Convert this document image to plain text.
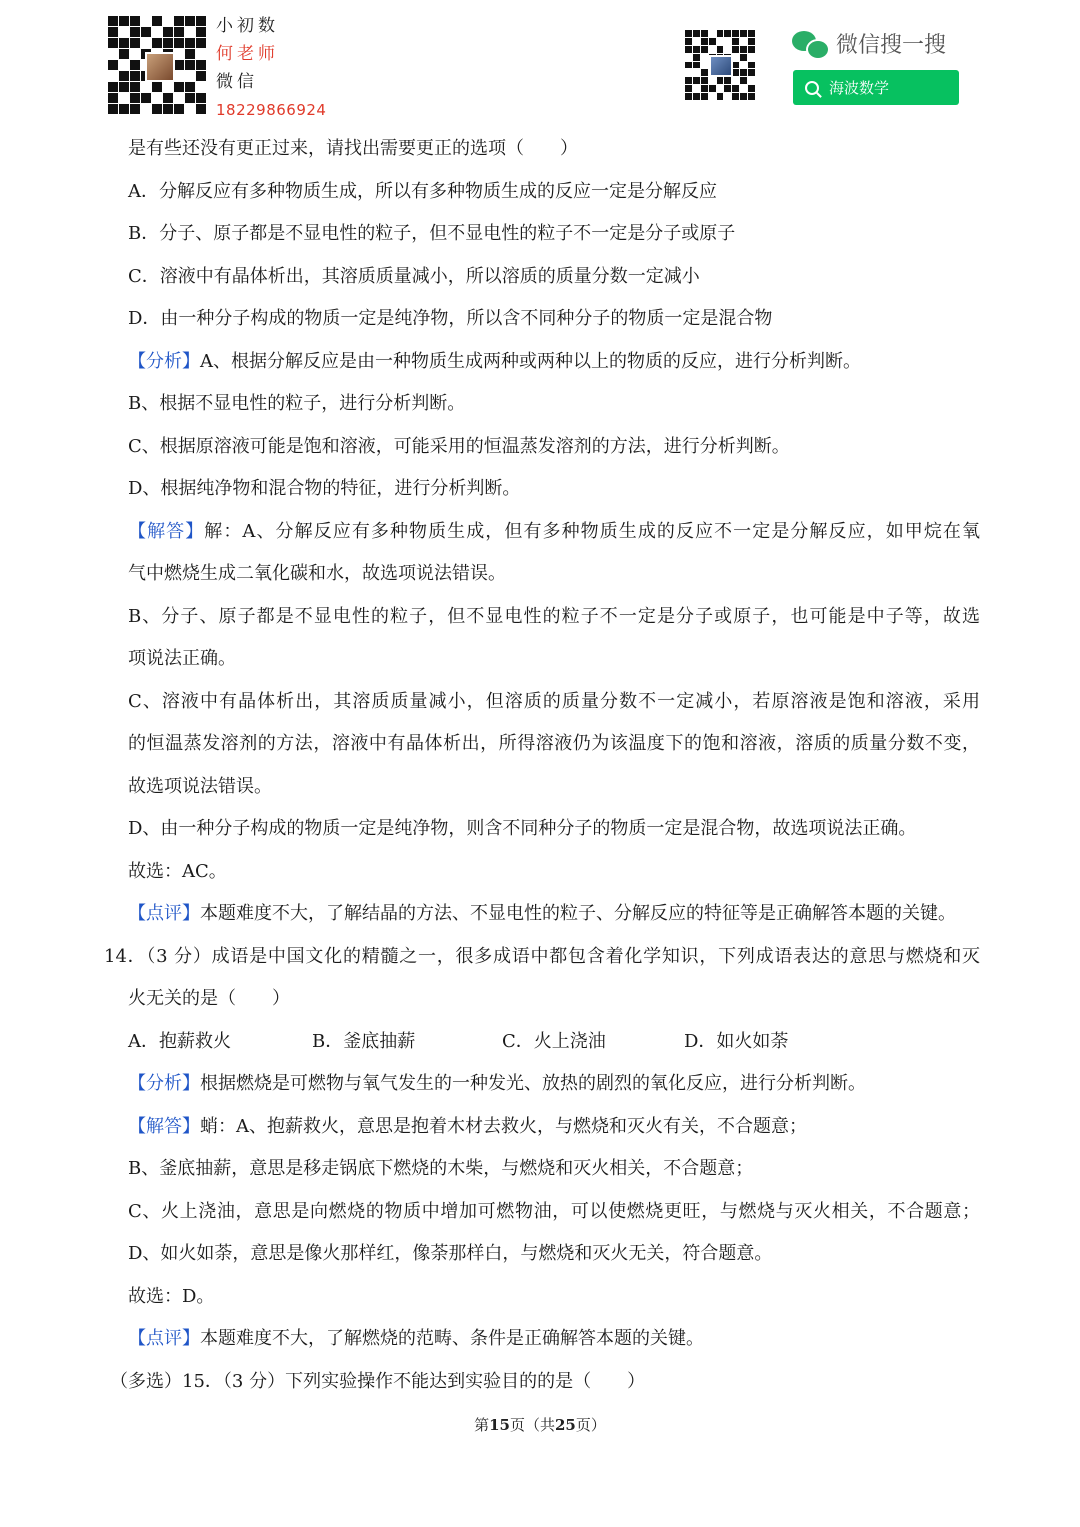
小初数
何老师
微信
18229866924
微信搜一搜
海波数学
是有些还没有更正过来，请找出需要更正的选项（　　）
A．分解反应有多种物质生成，所以有多种物质生成的反应一定是分解反应
B．分子、原子都是不显电性的粒子，但不显电性的粒子不一定是分子或原子
C．溶液中有晶体析出，其溶质质量减小，所以溶质的质量分数一定减小
D．由一种分子构成的物质一定是纯净物，所以含不同种分子的物质一定是混合物
【分析】A、根据分解反应是由一种物质生成两种或两种以上的物质的反应，进行分析判断。
B、根据不显电性的粒子，进行分析判断。
C、根据原溶液可能是饱和溶液，可能采用的恒温蒸发溶剂的方法，进行分析判断。
D、根据纯净物和混合物的特征，进行分析判断。
【解答】解：A、分解反应有多种物质生成，但有多种物质生成的反应不一定是分解反应，如甲烷在氧
气中燃烧生成二氧化碳和水，故选项说法错误。
B、分子、原子都是不显电性的粒子，但不显电性的粒子不一定是分子或原子，也可能是中子等，故选
项说法正确。
C、溶液中有晶体析出，其溶质质量减小，但溶质的质量分数不一定减小，若原溶液是饱和溶液，采用
的恒温蒸发溶剂的方法，溶液中有晶体析出，所得溶液仍为该温度下的饱和溶液，溶质的质量分数不变，
故选项说法错误。
D、由一种分子构成的物质一定是纯净物，则含不同种分子的物质一定是混合物，故选项说法正确。
故选：AC。
【点评】本题难度不大，了解结晶的方法、不显电性的粒子、分解反应的特征等是正确解答本题的关键。
14．（3 分）成语是中国文化的精髓之一，很多成语中都包含着化学知识，下列成语表达的意思与燃烧和灭
火无关的是（　　）
A．抱薪救火	B．釜底抽薪	C．火上浇油	D．如火如荼
【分析】根据燃烧是可燃物与氧气发生的一种发光、放热的剧烈的氧化反应，进行分析判断。
【解答】蛸：A、抱薪救火，意思是抱着木材去救火，与燃烧和灭火有关，不合题意；
B、釜底抽薪，意思是移走锅底下燃烧的木柴，与燃烧和灭火相关，不合题意；
C、火上浇油，意思是向燃烧的物质中增加可燃物油，可以使燃烧更旺，与燃烧与灭火相关，不合题意；
D、如火如荼，意思是像火那样红，像荼那样白，与燃烧和灭火无关，符合题意。
故选：D。
【点评】本题难度不大，了解燃烧的范畴、条件是正确解答本题的关键。
（多选）15．（3 分）下列实验操作不能达到实验目的的是（　　）
第15页（共25页）
